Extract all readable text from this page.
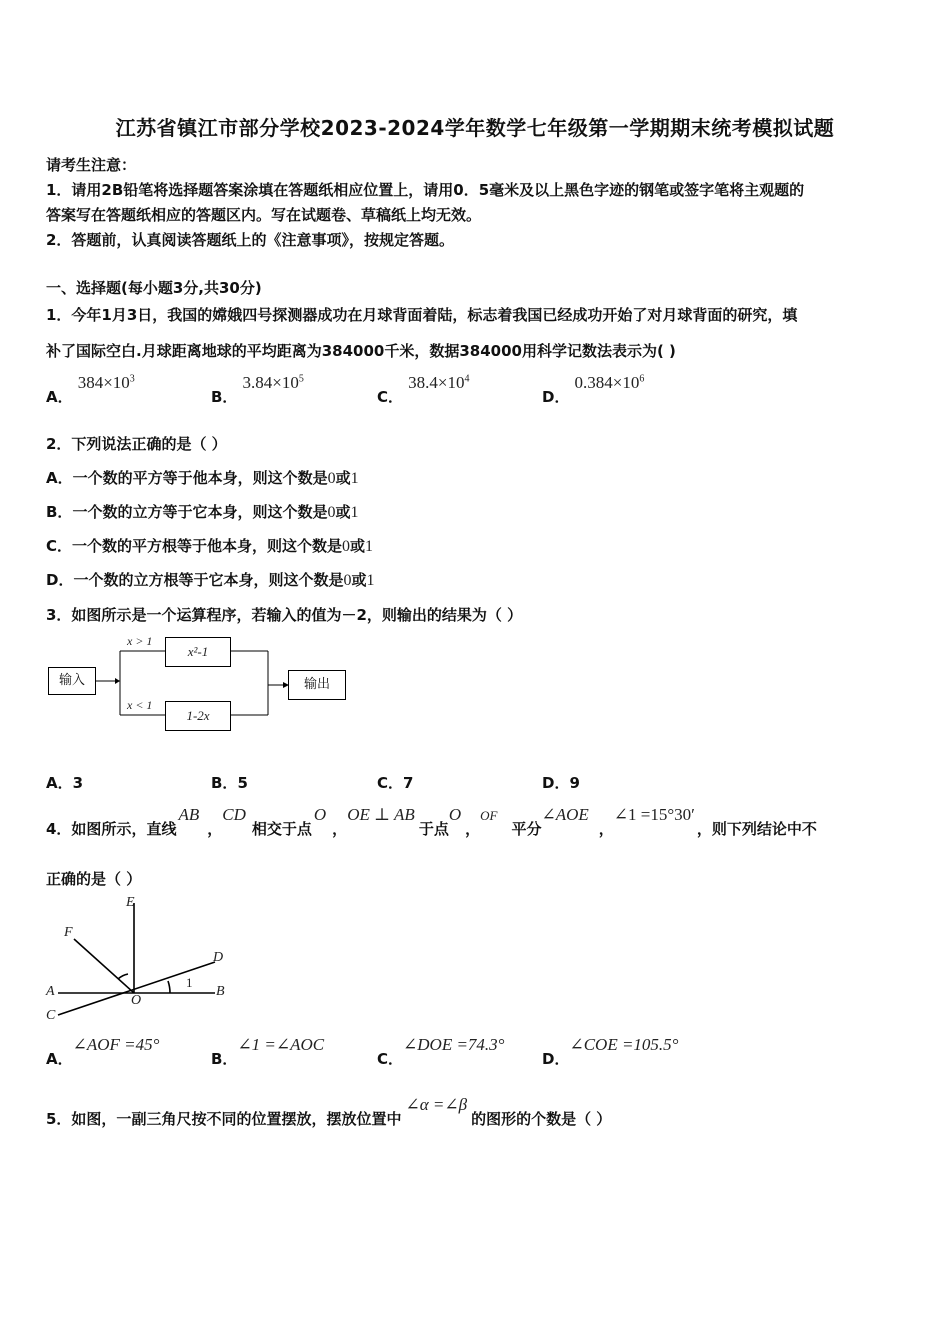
江苏省镇江市部分学校2023-2024学年数学七年级第一学期期末统考模拟试题
请考生注意：
1．请用2B铅笔将选择题答案涂填在答题纸相应位置上，请用0．5毫米及以上黑色字迹的钢笔或签字笔将主观题的
答案写在答题纸相应的答题区内。写在试题卷、草稿纸上均无效。
2．答题前，认真阅读答题纸上的《注意事项》，按规定答题。
一、选择题(每小题3分,共30分)
1．今年1月3日，我国的嫦娥四号探测器成功在月球背面着陆，标志着我国已经成功开始了对月球背面的研究，填
补了国际空白.月球距离地球的平均距离为384000千米，数据384000用科学记数法表示为( )
A． $384\times 10^3$
B． $3.84\times 10^5$
C． $38.4\times 10^4$
D． $0.384\times 10^6$
2．下列说法正确的是（ ）
A．一个数的平方等于他本身，则这个数是0或1
B．一个数的立方等于它本身，则这个数是0或1
C．一个数的平方根等于他本身，则这个数是0或1
D．一个数的立方根等于它本身，则这个数是0或1
3．如图所示是一个运算程序，若输入的值为－2，则输出的结果为（ ）
输入
x²-1
1-2x
输出
x > 1
x < 1
A．3	B．5	C．7	D．9
4．如图所示，直线AB，CD相交于点O，OE ⊥ AB于点O，OF平分∠AOE，∠1 =15°30′，则下列结论中不
正确的是（ ）
E
F
D
A	B
C
O
1
A．∠AOF =45°
B．∠1 =∠AOC
C．∠DOE =74.3°
D．∠COE =105.5°
5．如图，一副三角尺按不同的位置摆放，摆放位置中∠α =∠β的图形的个数是（ ）
